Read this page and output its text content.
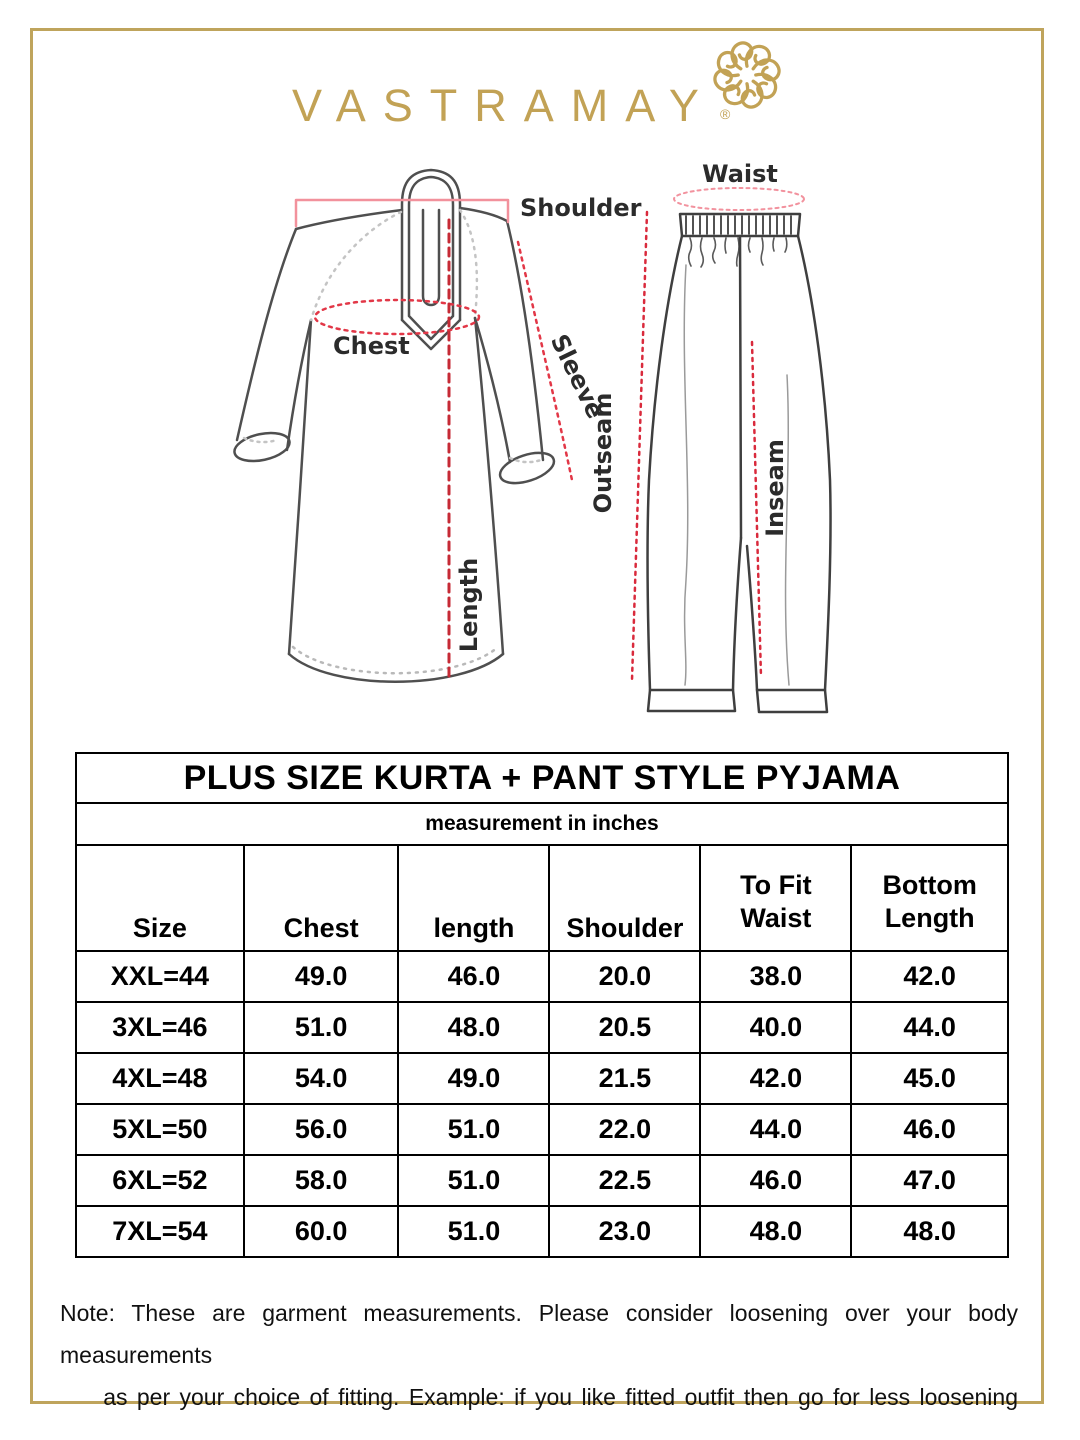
VASTRAMAY ®
Shoulder
Chest	Sleeve
Length
Waist
Outseam	Inseam
PLUS SIZE KURTA + PANT STYLE PYJAMA					
measurement in inches					
Size	Chest	length	Shoulder	To Fit Waist	Bottom Length
XXL=44	49.0	46.0	20.0	38.0	42.0
3XL=46	51.0	48.0	20.5	40.0	44.0
4XL=48	54.0	49.0	21.5	42.0	45.0
5XL=50	56.0	51.0	22.0	44.0	46.0
6XL=52	58.0	51.0	22.5	46.0	47.0
7XL=54	60.0	51.0	23.0	48.0	48.0
Note: These are garment measurements. Please consider loosening over your body measurements
as per your choice of fitting. Example: if you like fitted outfit then go for less loosening
